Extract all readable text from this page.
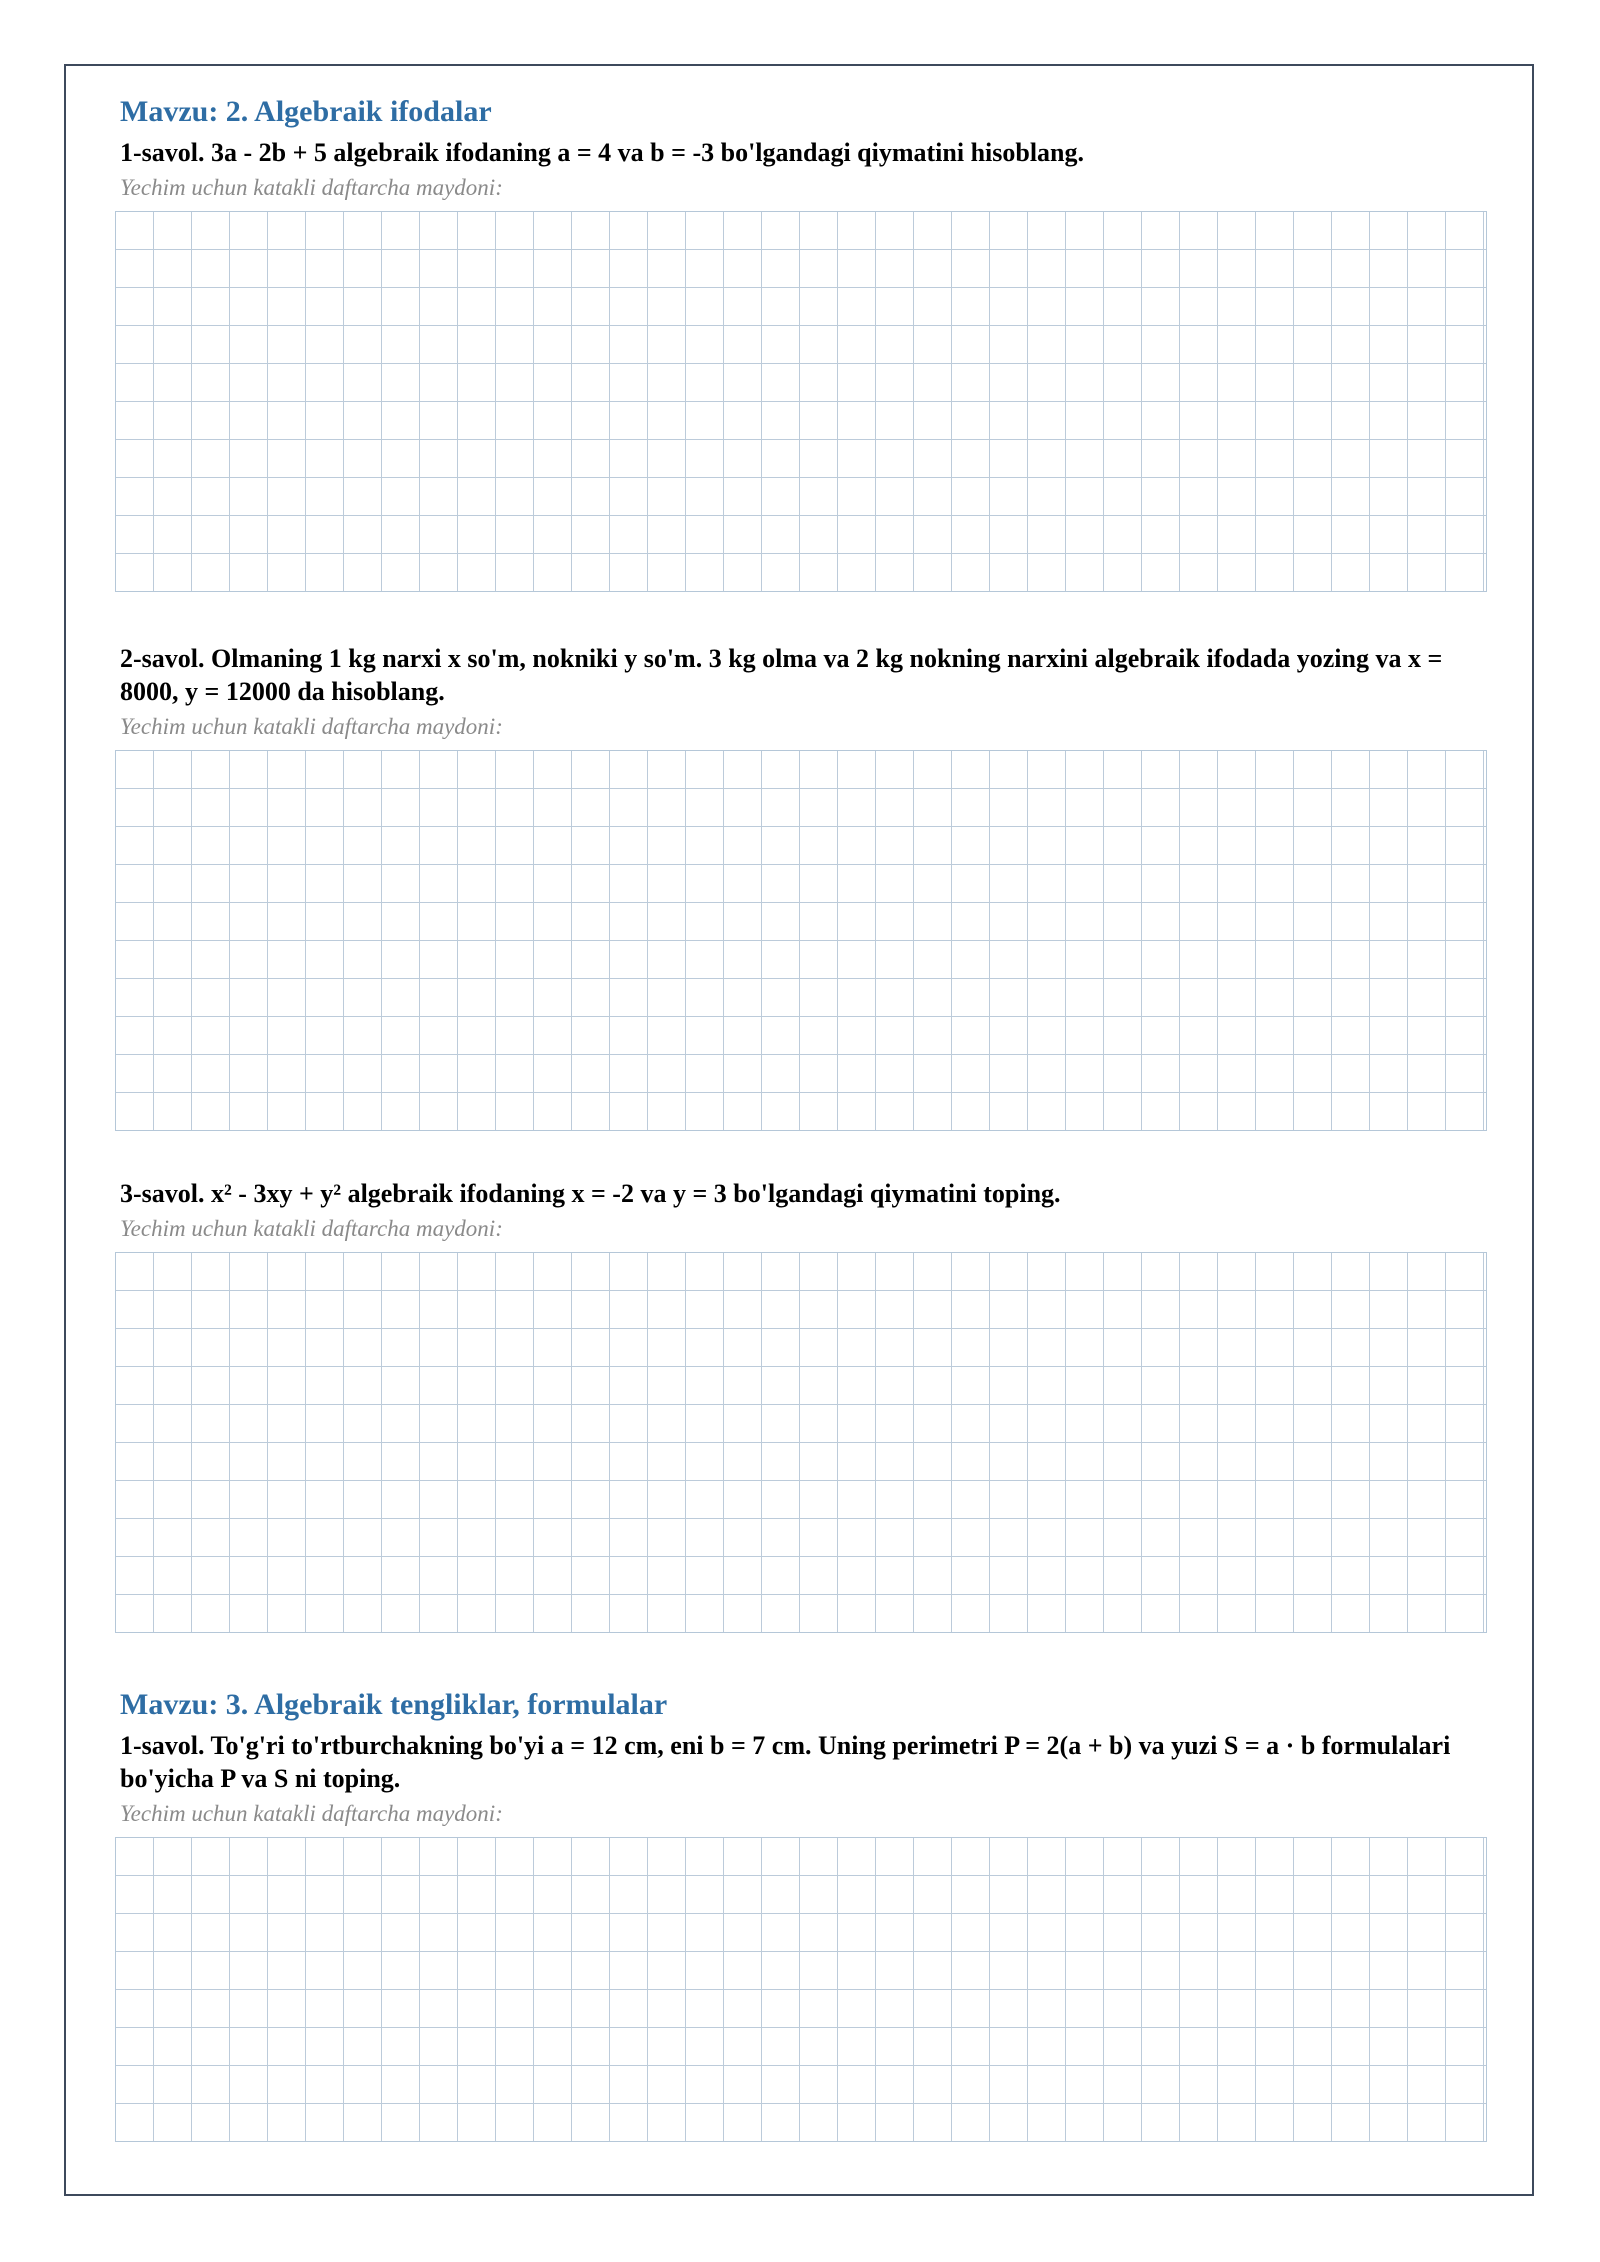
Mavzu: 2. Algebraik ifodalar

1-savol. 3a - 2b + 5 algebraik ifodaning a = 4 va b = -3 bo'lgandagi qiymatini hisoblang.

Yechim uchun katakli daftarcha maydoni:

2-savol. Olmaning 1 kg narxi x so'm, nokniki y so'm. 3 kg olma va 2 kg nokning narxini algebraik ifodada yozing va x = 8000, y = 12000 da hisoblang.

Yechim uchun katakli daftarcha maydoni:

3-savol. x² - 3xy + y² algebraik ifodaning x = -2 va y = 3 bo'lgandagi qiymatini toping.

Yechim uchun katakli daftarcha maydoni:
Mavzu: 3. Algebraik tengliklar, formulalar

1-savol. To'g'ri to'rtburchakning bo'yi a = 12 cm, eni b = 7 cm. Uning perimetri P = 2(a + b) va yuzi S = a · b formulalari bo'yicha P va S ni toping.

Yechim uchun katakli daftarcha maydoni:
